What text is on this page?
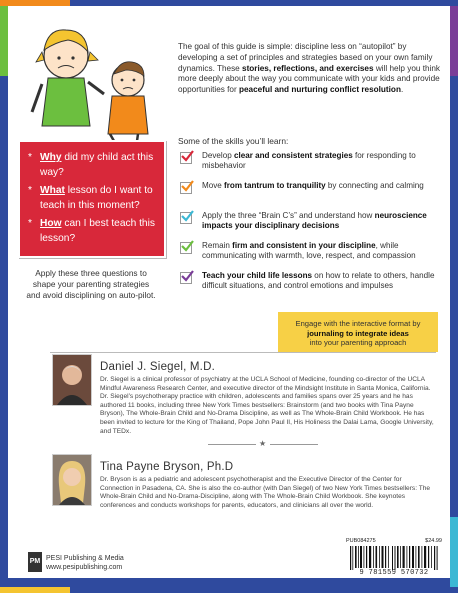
The goal of this guide is simple: discipline less on “autopilot” by developing a set of principles and strategies based on your own family dynamics. These stories, reflections, and exercises will help you think more deeply about the way you communicate with your kids and provide opportunities for peaceful and nurturing conflict resolution.
Some of the skills you’ll learn:
Develop clear and consistent strategies for responding to misbehavior
Move from tantrum to tranquility by connecting and calming
Apply the three “Brain C’s” and understand how neuroscience impacts your disciplinary decisions
Remain firm and consistent in your discipline, while communicating with warmth, love, respect, and compassion
Teach your child life lessons on how to relate to others, handle difficult situations, and control emotions and impulses
* Why did my child act this way?
* What lesson do I want to teach in this moment?
* How can I best teach this lesson?
Apply these three questions to shape your parenting strategies and avoid disciplining on auto-pilot.
Engage with the interactive format by journaling to integrate ideas
into your parenting approach
Daniel J. Siegel, M.D.
Dr. Siegel is a clinical professor of psychiatry at the UCLA School of Medicine, founding co-director of the UCLA Mindful Awareness Research Center, and executive director of the Mindsight Institute in Santa Monica, California. Dr. Siegel’s psychotherapy practice with children, adolescents and families spans over 25 years and he has authored 11 books, including three New York Times bestsellers: Brainstorm (and two books with Tina Payne Bryson), The Whole-Brain Child and No-Drama Discipline, as well as The Whole-Brain Child Workbook. He has been invited to lecture for the King of Thailand, Pope John Paul II, His Holiness the Dalai Lama, Google University, and TEDx.
★
Tina Payne Bryson, Ph.D
Dr. Bryson is as a pediatric and adolescent psychotherapist and the Executive Director of the Center for Connection in Pasadena, CA. She is also the co-author (with Dan Siegel) of two New York Times bestsellers: The Whole-Brain Child and No-Drama-Discipline, along with The Whole-Brain Child Workbook. She keynotes conferences and conducts workshops for parents, educators, and clinicians all over the world.
PM PESI Publishing & Media
www.pesipublishing.com
PUB084275	$24.99
9 781559 570732
